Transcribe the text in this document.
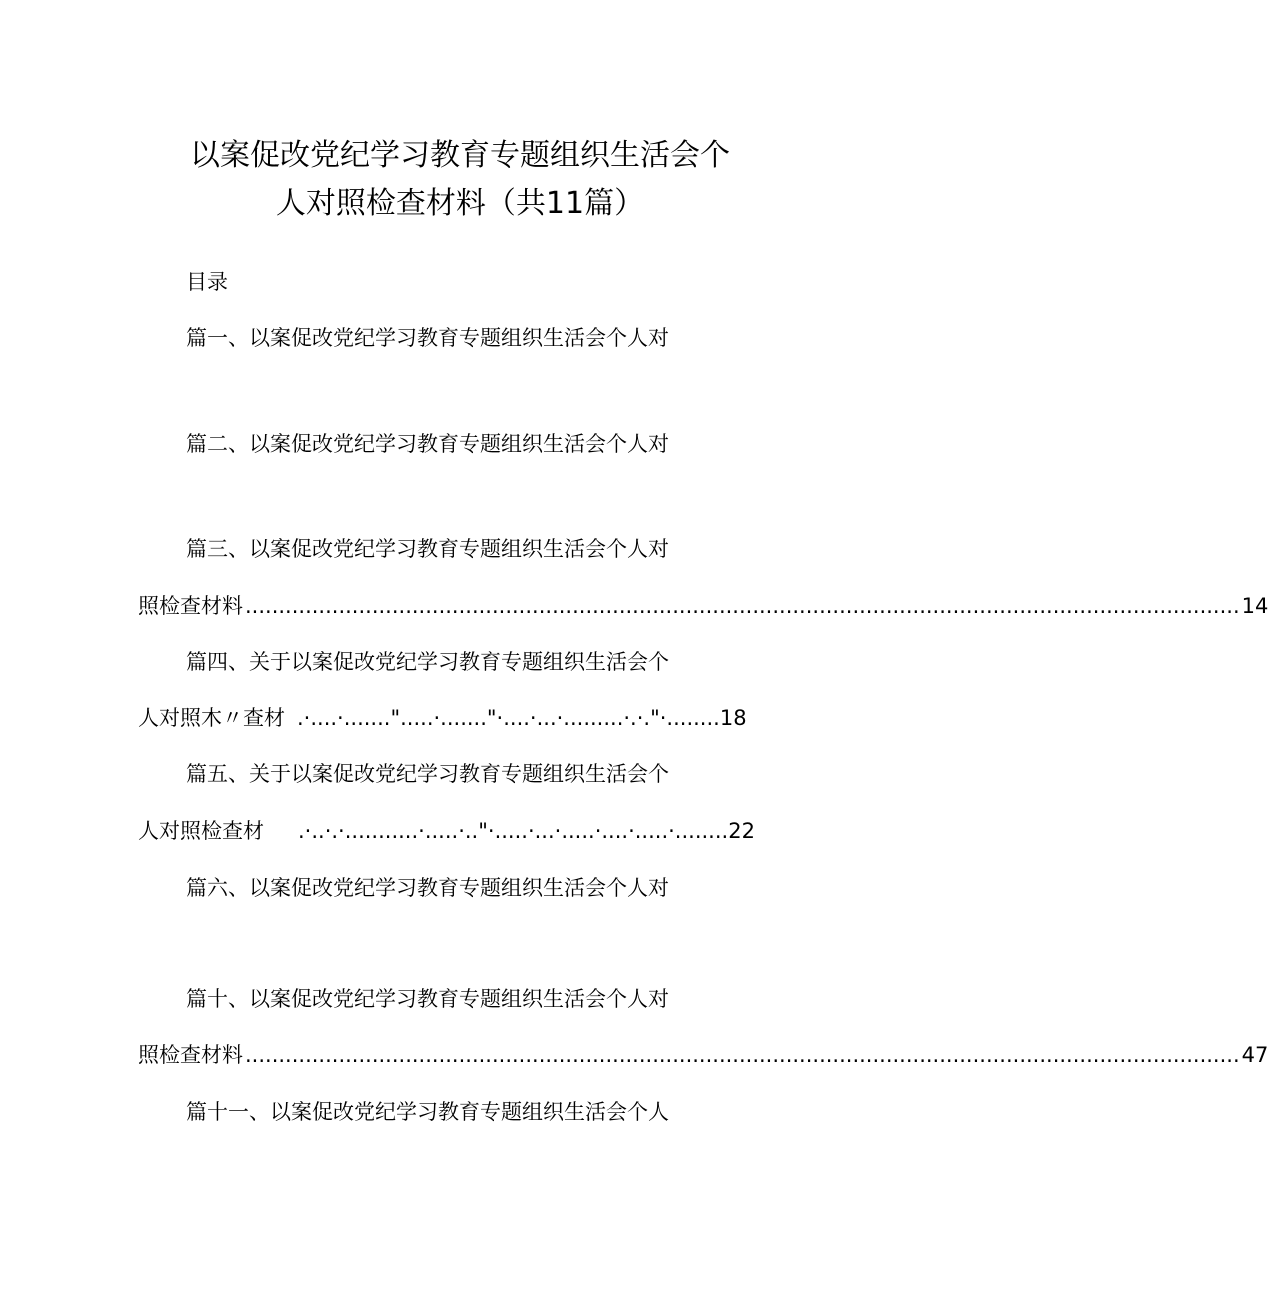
以案促改党纪学习教育专题组织生活会个
人对照检查材料（共11篇）
目录
篇一、以案促改党纪学习教育专题组织生活会个人对
篇二、以案促改党纪学习教育专题组织生活会个人对
篇三、以案促改党纪学习教育专题组织生活会个人对
照检查材料 ..................................................................................................................................................... 14
篇四、关于以案促改党纪学习教育专题组织生活会个
人对照木〃查材 .·....·.......".....·......."·....·...·.........·.·."·........ 18
篇五、关于以案促改党纪学习教育专题组织生活会个
人对照检查材 .·..·.·...........·.....·.."·.....·...·.....·....·.....·........ 22
篇六、以案促改党纪学习教育专题组织生活会个人对
篇十、以案促改党纪学习教育专题组织生活会个人对
照检查材料 ..................................................................................................................................................... 47
篇十一、以案促改党纪学习教育专题组织生活会个人
